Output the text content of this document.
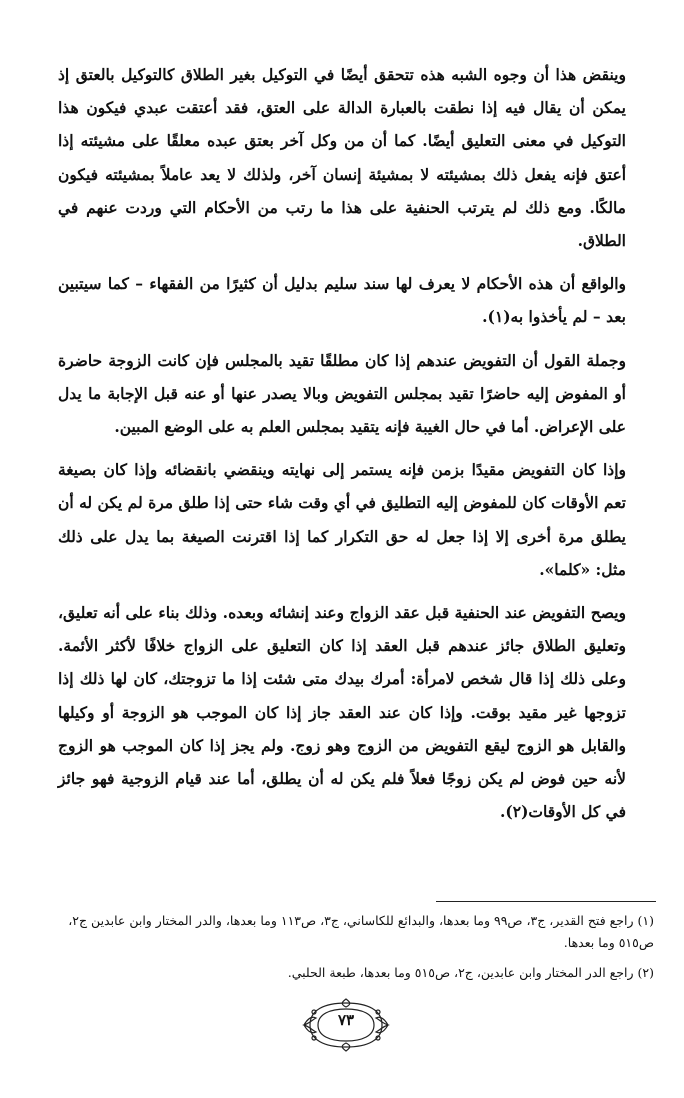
وينقض هذا أن وجوه الشبه هذه تتحقق أيضًا في التوكيل بغير الطلاق كالتوكيل بالعتق إذ يمكن أن يقال فيه إذا نطقت بالعبارة الدالة على العتق، فقد أعتقت عبدي فيكون هذا التوكيل في معنى التعليق أيضًا. كما أن من وكل آخر بعتق عبده معلقًا على مشيئته إذا أعتق فإنه يفعل ذلك بمشيئته لا بمشيئة إنسان آخر، ولذلك لا يعد عاملاً بمشيئته فيكون مالكًا. ومع ذلك لم يترتب الحنفية على هذا ما رتب من الأحكام التي وردت عنهم في الطلاق.

والواقع أن هذه الأحكام لا يعرف لها سند سليم بدليل أن كثيرًا من الفقهاء – كما سيتبين بعد – لم يأخذوا به(١).

وجملة القول أن التفويض عندهم إذا كان مطلقًا تقيد بالمجلس فإن كانت الزوجة حاضرة أو المفوض إليه حاضرًا تقيد بمجلس التفويض وبالا يصدر عنها أو عنه قبل الإجابة ما يدل على الإعراض. أما في حال الغيبة فإنه يتقيد بمجلس العلم به على الوضع المبين.

وإذا كان التفويض مقيدًا بزمن فإنه يستمر إلى نهايته وينقضي بانقضائه وإذا كان بصيغة تعم الأوقات كان للمفوض إليه التطليق في أي وقت شاء حتى إذا طلق مرة لم يكن له أن يطلق مرة أخرى إلا إذا جعل له حق التكرار كما إذا اقترنت الصيغة بما يدل على ذلك مثل: «كلما».

ويصح التفويض عند الحنفية قبل عقد الزواج وعند إنشائه وبعده. وذلك بناء على أنه تعليق، وتعليق الطلاق جائز عندهم قبل العقد إذا كان التعليق على الزواج خلافًا لأكثر الأئمة. وعلى ذلك إذا قال شخص لامرأة: أمرك بيدك متى شئت إذا ما تزوجتك، كان لها ذلك إذا تزوجها غير مقيد بوقت. وإذا كان عند العقد جاز إذا كان الموجب هو الزوجة أو وكيلها والقابل هو الزوج ليقع التفويض من الزوج وهو زوج. ولم يجز إذا كان الموجب هو الزوج لأنه حين فوض لم يكن زوجًا فعلاً فلم يكن له أن يطلق، أما عند قيام الزوجية فهو جائز في كل الأوقات(٢).

(١) راجع فتح القدير، ج٣، ص٩٩ وما بعدها، والبدائع للكاساني، ج٣، ص١١٣ وما بعدها، والدر المختار وابن عابدين ج٢، ص٥١٥ وما بعدها.

(٢) راجع الدر المختار وابن عابدين، ج٢، ص٥١٥ وما بعدها، طبعة الحلبي.

٧٣
